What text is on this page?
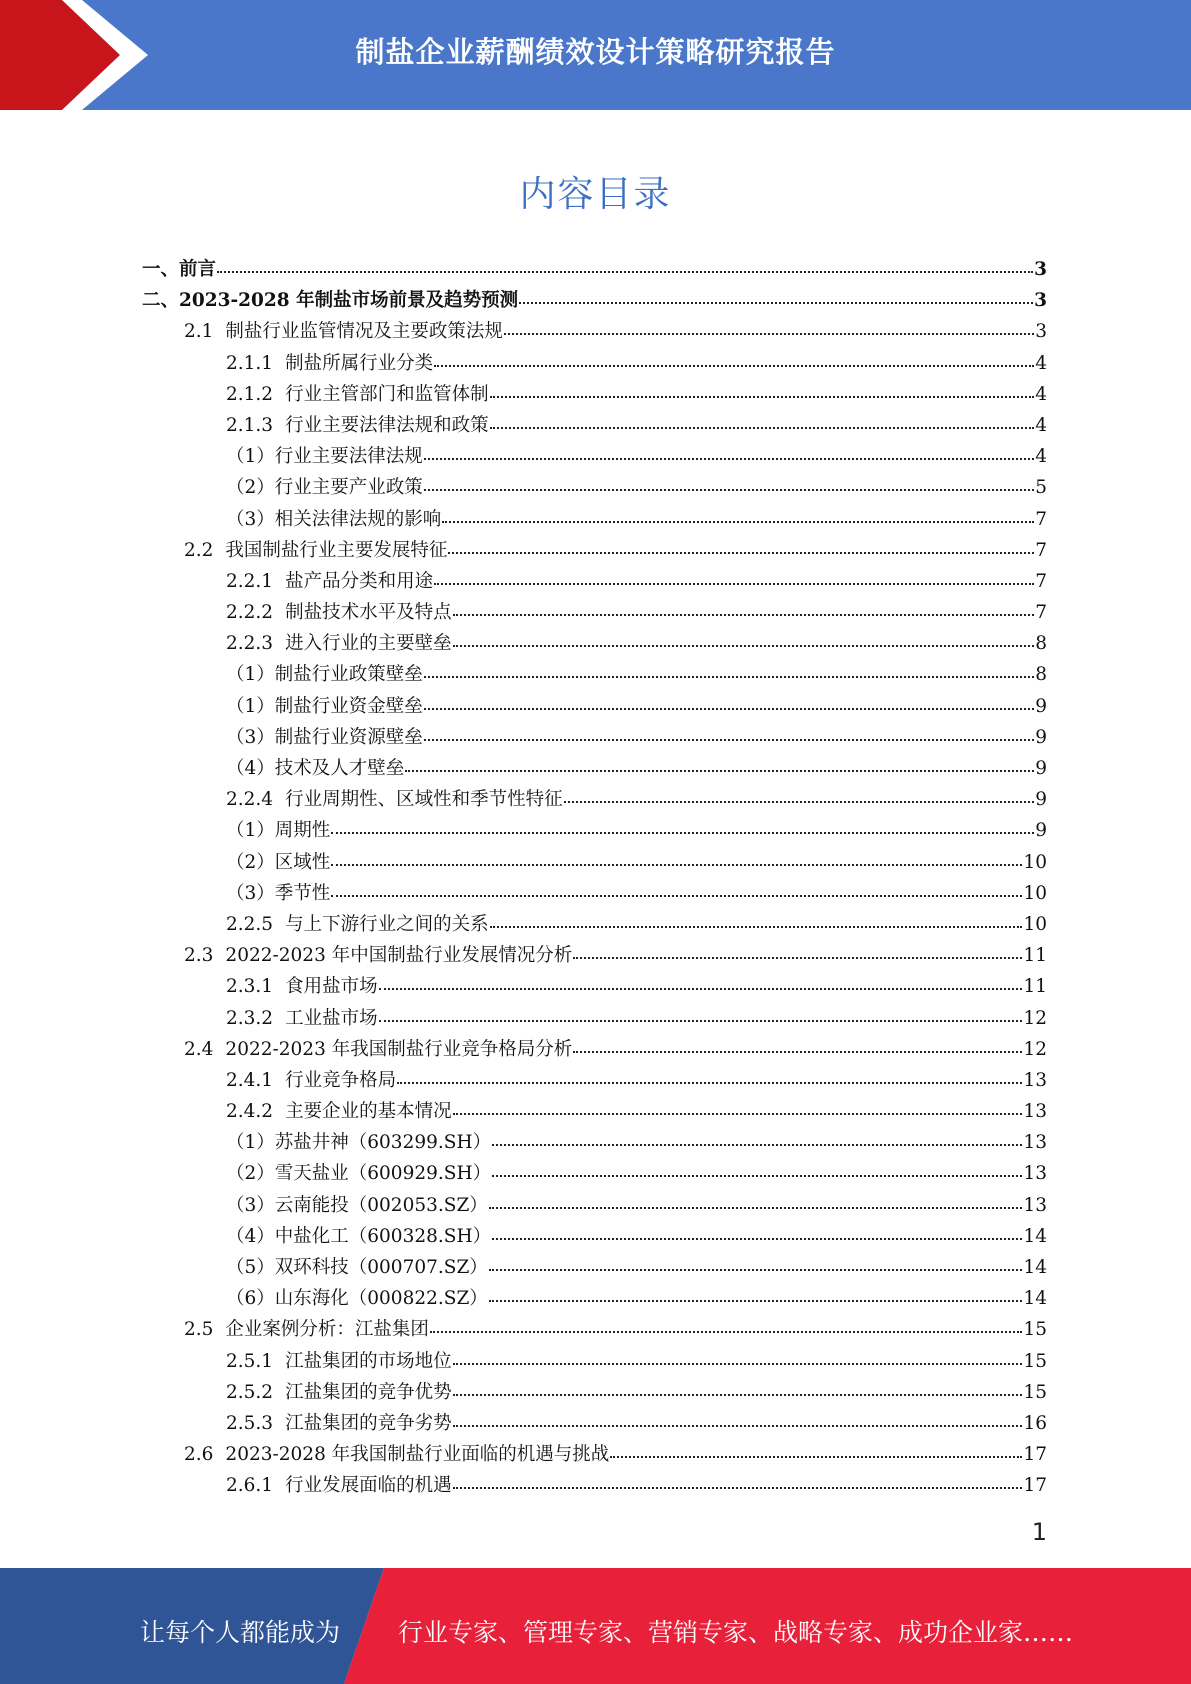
制盐企业薪酬绩效设计策略研究报告
内容目录
一、前言	3
二、2023-2028 年制盐市场前景及趋势预测	3
2.1 制盐行业监管情况及主要政策法规	3
2.1.1 制盐所属行业分类	4
2.1.2 行业主管部门和监管体制	4
2.1.3 行业主要法律法规和政策	4
（1）行业主要法律法规	4
（2）行业主要产业政策	5
（3）相关法律法规的影响	7
2.2 我国制盐行业主要发展特征	7
2.2.1 盐产品分类和用途	7
2.2.2 制盐技术水平及特点	7
2.2.3 进入行业的主要壁垒	8
（1）制盐行业政策壁垒	8
（1）制盐行业资金壁垒	9
（3）制盐行业资源壁垒	9
（4）技术及人才壁垒	9
2.2.4 行业周期性、区域性和季节性特征	9
（1）周期性	9
（2）区域性	10
（3）季节性	10
2.2.5 与上下游行业之间的关系	10
2.3 2022-2023 年中国制盐行业发展情况分析	11
2.3.1 食用盐市场	11
2.3.2 工业盐市场	12
2.4 2022-2023 年我国制盐行业竞争格局分析	12
2.4.1 行业竞争格局	13
2.4.2 主要企业的基本情况	13
（1）苏盐井神（603299.SH）	13
（2）雪天盐业（600929.SH）	13
（3）云南能投（002053.SZ）	13
（4）中盐化工（600328.SH）	14
（5）双环科技（000707.SZ）	14
（6）山东海化（000822.SZ）	14
2.5 企业案例分析：江盐集团	15
2.5.1 江盐集团的市场地位	15
2.5.2 江盐集团的竞争优势	15
2.5.3 江盐集团的竞争劣势	16
2.6 2023-2028 年我国制盐行业面临的机遇与挑战	17
2.6.1 行业发展面临的机遇	17
1
让每个人都能成为 行业专家、管理专家、营销专家、战略专家、成功企业家……
